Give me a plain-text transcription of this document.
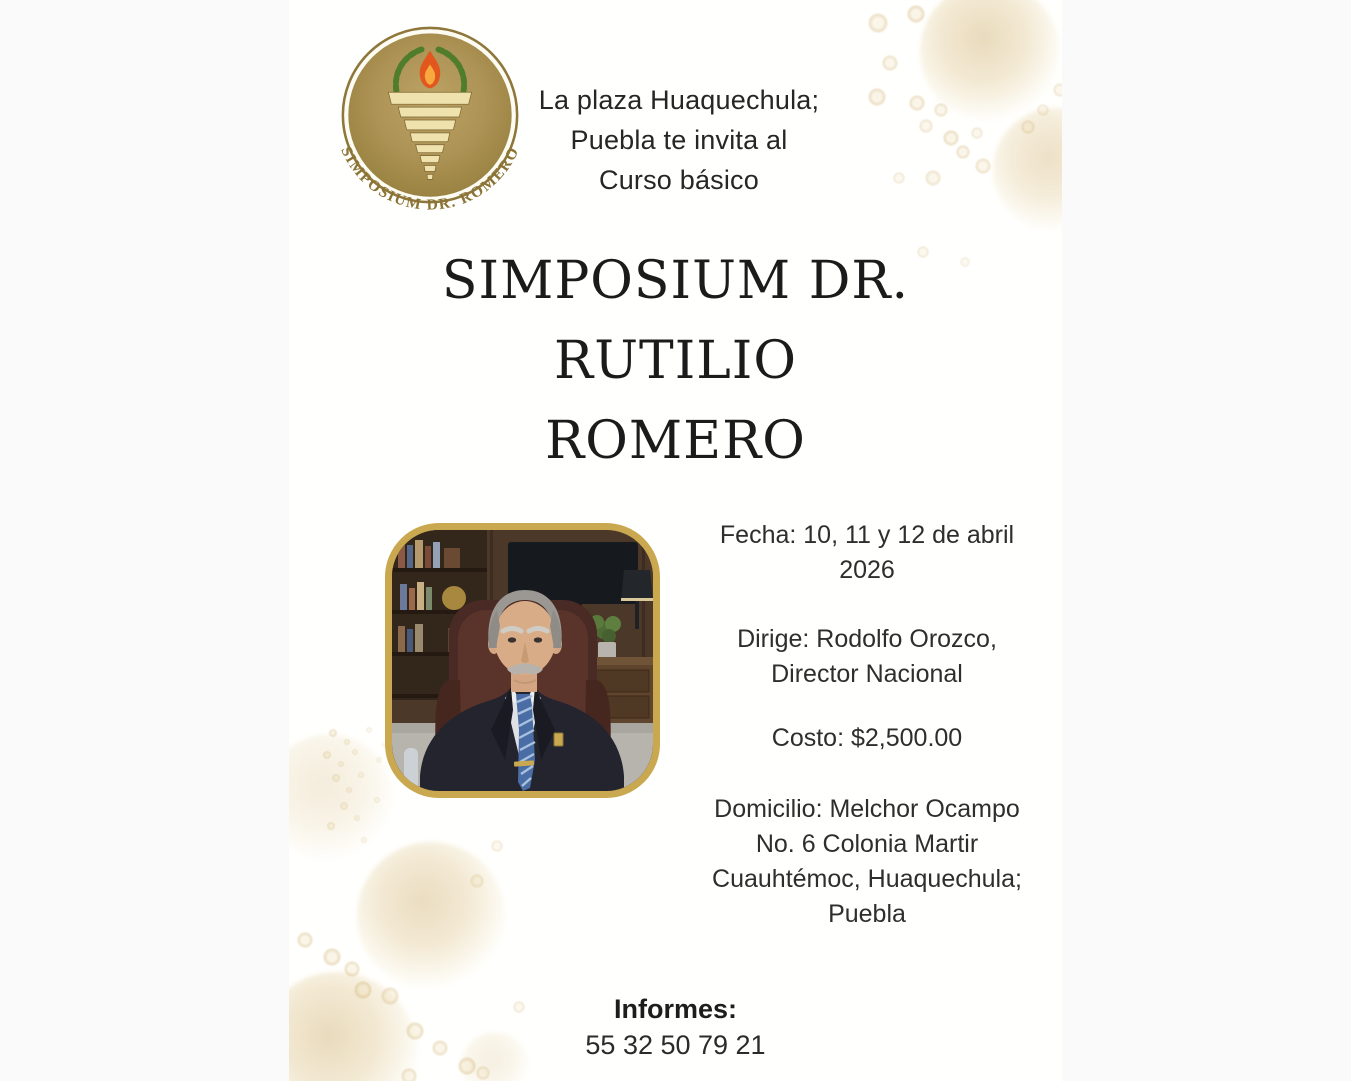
SIMPOSIUM DR. ROMERO
La plaza Huaquechula;
Puebla te invita al
Curso básico
SIMPOSIUM DR.
RUTILIO
ROMERO
Fecha: 10, 11 y 12 de abril 2026
Dirige: Rodolfo Orozco,
Director Nacional
Costo: $2,500.00
Domicilio: Melchor Ocampo
No. 6 Colonia Martir
Cuauhtémoc, Huaquechula;
Puebla
Informes:
55 32 50 79 21
